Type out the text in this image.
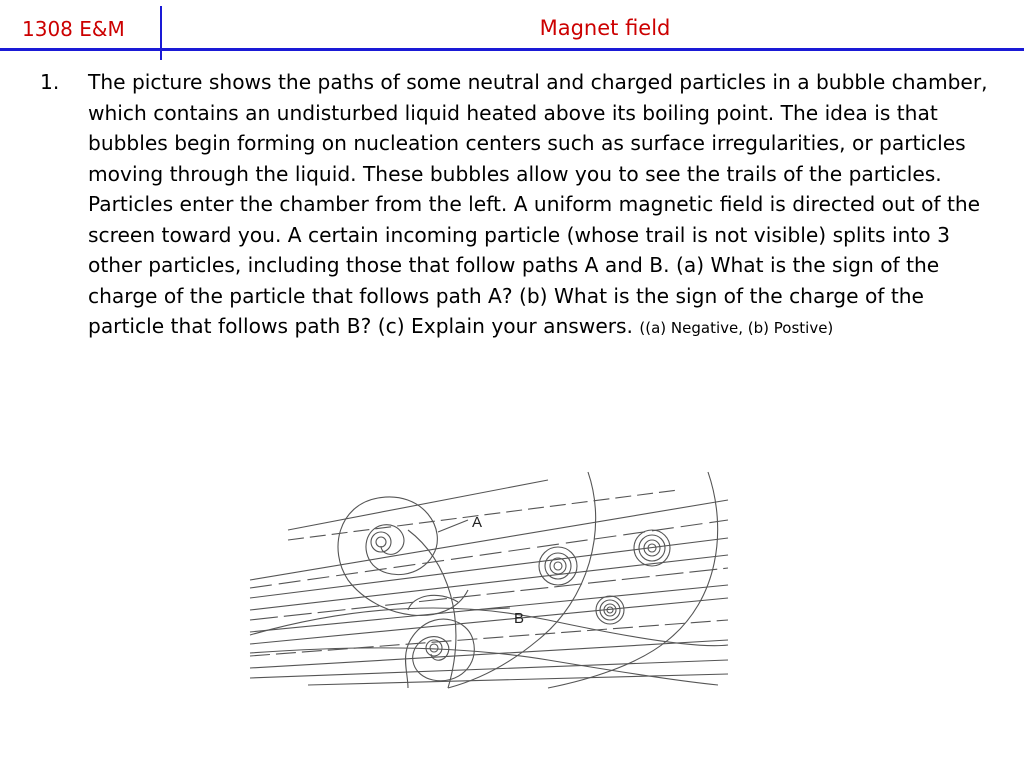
1308 E&M	Magnet field
1. The picture shows the paths of some neutral and charged particles in a bubble chamber, which contains an undisturbed liquid heated above its boiling point. The idea is that bubbles begin forming on nucleation centers such as surface irregularities, or particles moving through the liquid. These bubbles allow you to see the trails of the particles. Particles enter the chamber from the left. A uniform magnetic field is directed out of the screen toward you. A certain incoming particle (whose trail is not visible) splits into 3 other particles, including those that follow paths A and B. (a) What is the sign of the charge of the particle that follows path A? (b) What is the sign of the charge of the particle that follows path B? (c) Explain your answers. ((a) Negative, (b) Postive)
A
B
